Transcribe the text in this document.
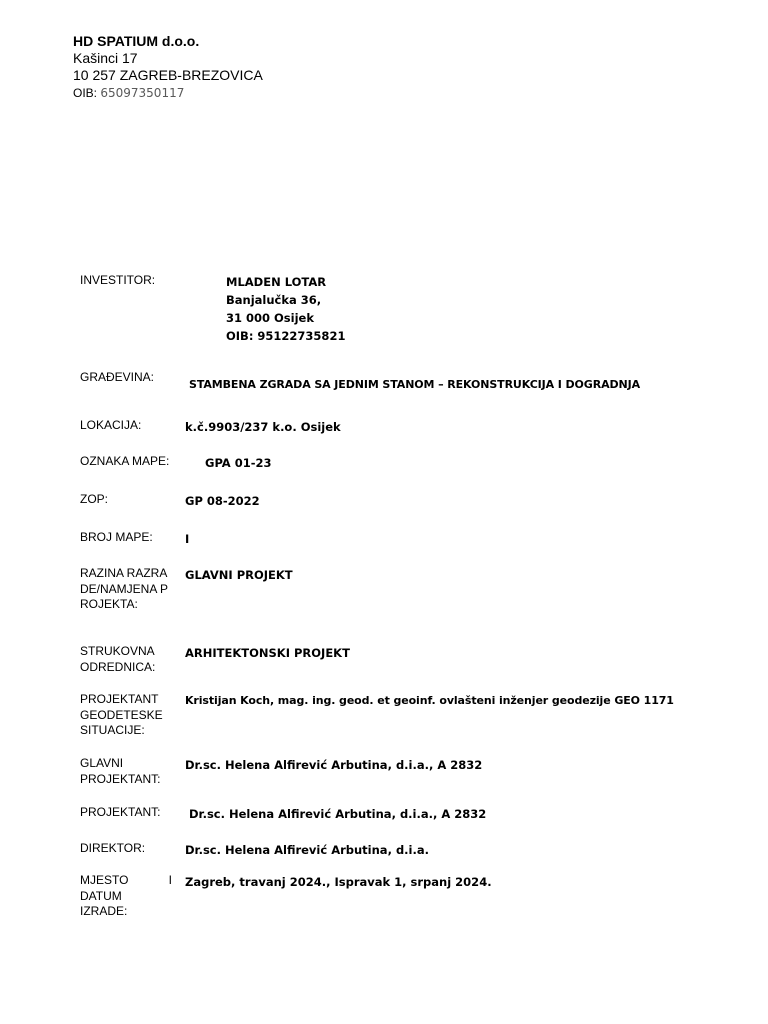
HD SPATIUM d.o.o.
Kašinci 17
10 257 ZAGREB-BREZOVICA
OIB: 65097350117
INVESTITOR:	MLADEN LOTAR
Banjalučka 36,
31 000 Osijek
OIB: 95122735821
GRAĐEVINA:
STAMBENA ZGRADA SA JEDNIM STANOM – REKONSTRUKCIJA I DOGRADNJA
LOKACIJA:	k.č.9903/237 k.o. Osijek
OZNAKA MAPE:	GPA 01-23
ZOP:	GP 08-2022
BROJ MAPE:	I
RAZINA RAZRADE/NAMJENA PROJEKTA:
GLAVNI PROJEKT
STRUKOVNA ODREDNICA:
ARHITEKTONSKI PROJEKT
PROJEKTANT GEODETESKE SITUACIJE:
Kristijan Koch, mag. ing. geod. et geoinf. ovlašteni inženjer geodezije GEO 1171
GLAVNI PROJEKTANT:
Dr.sc. Helena Alfirević Arbutina, d.i.a., A 2832
PROJEKTANT:	Dr.sc. Helena Alfirević Arbutina, d.i.a., A 2832
DIREKTOR:	Dr.sc. Helena Alfirević Arbutina, d.i.a.
MJESTO	I
DATUM IZRADE:
Zagreb, travanj 2024., Ispravak 1, srpanj 2024.
